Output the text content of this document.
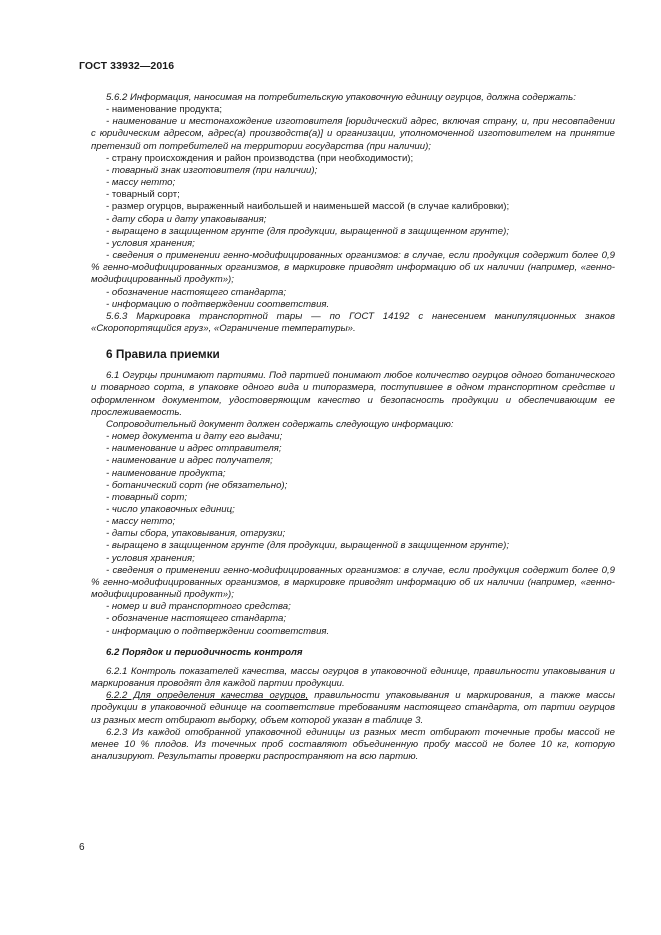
ГОСТ 33932—2016

5.6.2 Информация, наносимая на потребительскую упаковочную единицу огурцов, должна содержать:

- наименование продукта;

- наименование и местонахождение изготовителя [юридический адрес, включая страну, и, при несовпадении с юридическим адресом, адрес(а) производств(а)] и организации, уполномоченной изготовителем на принятие претензий от потребителей на территории государства (при наличии);

- страну происхождения и район производства (при необходимости);

- товарный знак изготовителя (при наличии);

- массу нетто;

- товарный сорт;

- размер огурцов, выраженный наибольшей и наименьшей массой (в случае калибровки);

- дату сбора и дату упаковывания;

- выращено в защищенном грунте (для продукции, выращенной в защищенном грунте);

- условия хранения;

- сведения о применении генно-модифицированных организмов: в случае, если продукция содержит более 0,9 % генно-модифицированных организмов, в маркировке приводят информацию об их наличии (например, «генно-модифицированный продукт»);

- обозначение настоящего стандарта;

- информацию о подтверждении соответствия.

5.6.3 Маркировка транспортной тары — по ГОСТ 14192 с нанесением манипуляционных знаков «Скоропортящийся груз», «Ограничение температуры».

6 Правила приемки

6.1 Огурцы принимают партиями. Под партией понимают любое количество огурцов одного ботанического и товарного сорта, в упаковке одного вида и типоразмера, поступившее в одном транспортном средстве и оформленном документом, удостоверяющим качество и безопасность продукции и обеспечивающим ее прослеживаемость.

Сопроводительный документ должен содержать следующую информацию:

- номер документа и дату его выдачи;

- наименование и адрес отправителя;

- наименование и адрес получателя;

- наименование продукта;

- ботанический сорт (не обязательно);

- товарный сорт;

- число упаковочных единиц;

- массу нетто;

- даты сбора, упаковывания, отгрузки;

- выращено в защищенном грунте (для продукции, выращенной в защищенном грунте);

- условия хранения;

- сведения о применении генно-модифицированных организмов: в случае, если продукция содержит более 0,9 % генно-модифицированных организмов, в маркировке приводят информацию об их наличии (например, «генно-модифицированный продукт»);

- номер и вид транспортного средства;

- обозначение настоящего стандарта;

- информацию о подтверждении соответствия.

6.2 Порядок и периодичность контроля

6.2.1 Контроль показателей качества, массы огурцов в упаковочной единице, правильности упаковывания и маркирования проводят для каждой партии продукции.

6.2.2 Для определения качества огурцов, правильности упаковывания и маркирования, а также массы продукции в упаковочной единице на соответствие требованиям настоящего стандарта, от партии огурцов из разных мест отбирают выборку, объем которой указан в таблице 3.

6.2.3 Из каждой отобранной упаковочной единицы из разных мест отбирают точечные пробы массой не менее 10 % плодов. Из точечных проб составляют объединенную пробу массой не более 10 кг, которую анализируют. Результаты проверки распространяют на всю партию.

6
